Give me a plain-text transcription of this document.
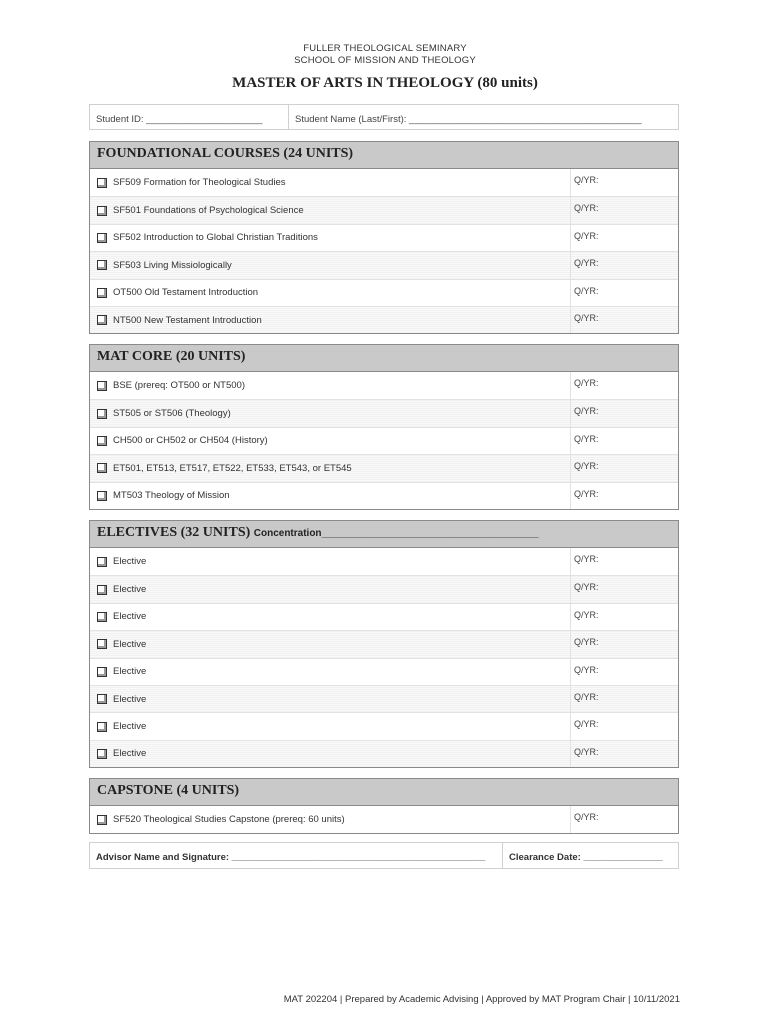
FULLER THEOLOGICAL SEMINARY
SCHOOL OF MISSION AND THEOLOGY
MASTER OF ARTS IN THEOLOGY (80 units)
Student ID: ______________________	Student Name (Last/First): ____________________________________________
FOUNDATIONAL COURSES (24 UNITS)
SF509 Formation for Theological Studies	Q/YR:
SF501 Foundations of Psychological Science	Q/YR:
SF502 Introduction to Global Christian Traditions	Q/YR:
SF503 Living Missiologically	Q/YR:
OT500 Old Testament Introduction	Q/YR:
NT500 New Testament Introduction	Q/YR:
MAT CORE (20 UNITS)
BSE (prereq: OT500 or NT500)	Q/YR:
ST505 or ST506 (Theology)	Q/YR:
CH500 or CH502 or CH504 (History)	Q/YR:
ET501, ET513, ET517, ET522, ET533, ET543, or ET545	Q/YR:
MT503 Theology of Mission	Q/YR:
ELECTIVES (32 UNITS) Concentration_______________________________________
Elective	Q/YR:
Elective	Q/YR:
Elective	Q/YR:
Elective	Q/YR:
Elective	Q/YR:
Elective	Q/YR:
Elective	Q/YR:
Elective	Q/YR:
CAPSTONE (4 UNITS)
SF520 Theological Studies Capstone (prereq: 60 units)	Q/YR:
Advisor Name and Signature: ________________________________________________	Clearance Date: _______________
MAT 202204 | Prepared by Academic Advising | Approved by MAT Program Chair | 10/11/2021
